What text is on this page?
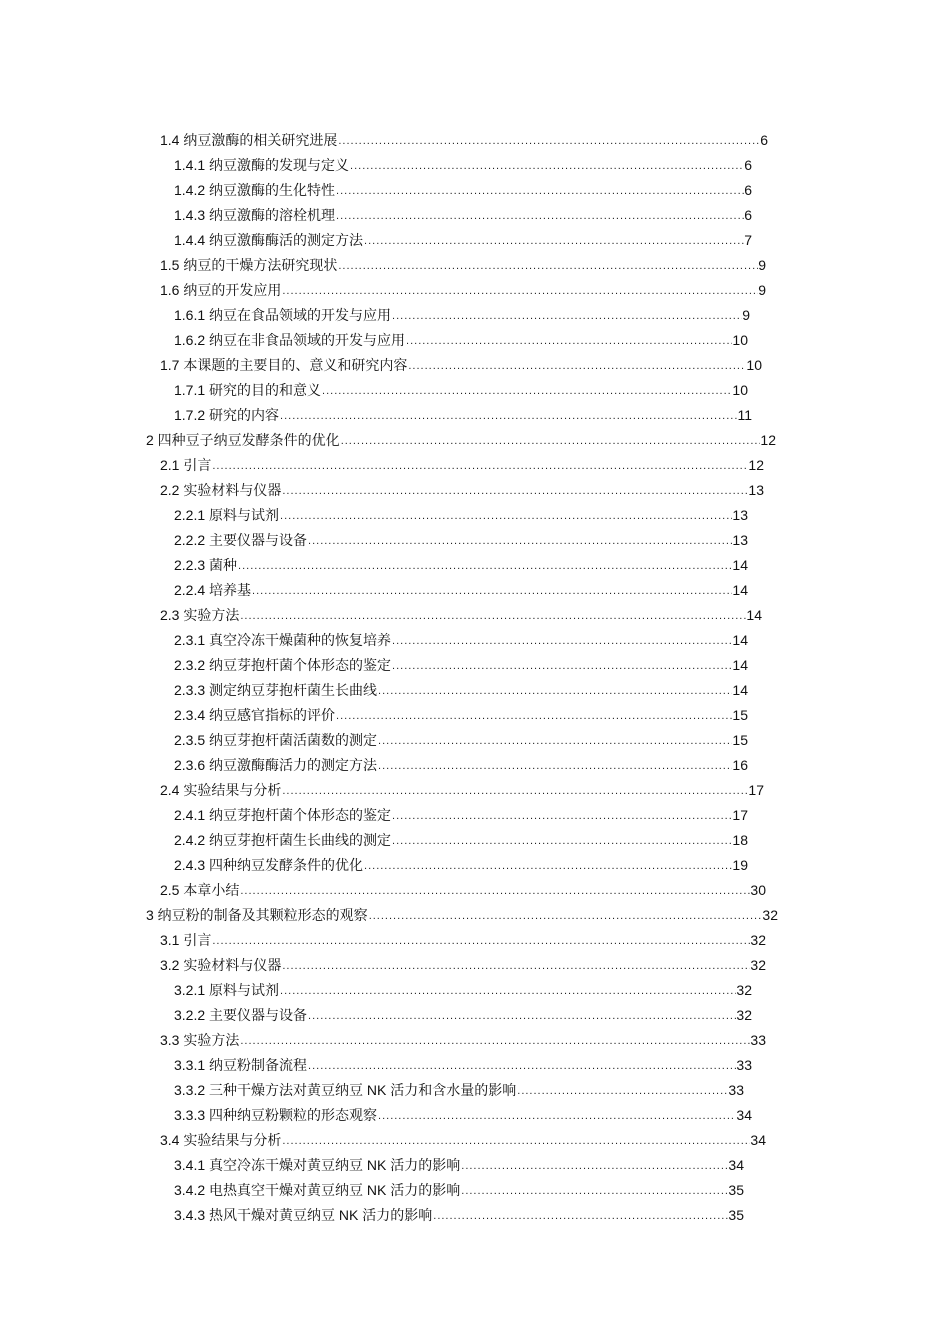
1.4 纳豆激酶的相关研究进展 .....	6
1.4.1 纳豆激酶的发现与定义 .....	6
1.4.2 纳豆激酶的生化特性 .....	6
1.4.3 纳豆激酶的溶栓机理 .....	6
1.4.4 纳豆激酶酶活的测定方法 .....	7
1.5 纳豆的干燥方法研究现状 .....	9
1.6 纳豆的开发应用 .....	9
1.6.1 纳豆在食品领域的开发与应用 .....	9
1.6.2 纳豆在非食品领域的开发与应用 .....	10
1.7 本课题的主要目的、意义和研究内容 .....	10
1.7.1 研究的目的和意义 .....	10
1.7.2 研究的内容 .....	11
2 四种豆子纳豆发酵条件的优化 .....	12
2.1 引言 .....	12
2.2 实验材料与仪器 .....	13
2.2.1 原料与试剂 .....	13
2.2.2 主要仪器与设备 .....	13
2.2.3 菌种 .....	14
2.2.4 培养基 .....	14
2.3 实验方法 .....	14
2.3.1 真空冷冻干燥菌种的恢复培养 .....	14
2.3.2 纳豆芽抱杆菌个体形态的鉴定 .....	14
2.3.3 测定纳豆芽抱杆菌生长曲线 .....	14
2.3.4 纳豆感官指标的评价 .....	15
2.3.5 纳豆芽抱杆菌活菌数的测定 .....	15
2.3.6 纳豆激酶酶活力的测定方法 .....	16
2.4 实验结果与分析 .....	17
2.4.1 纳豆芽抱杆菌个体形态的鉴定 .....	17
2.4.2 纳豆芽抱杆菌生长曲线的测定 .....	18
2.4.3 四种纳豆发酵条件的优化 .....	19
2.5 本章小结 .....	30
3 纳豆粉的制备及其颗粒形态的观察 .....	32
3.1 引言 .....	32
3.2 实验材料与仪器 .....	32
3.2.1 原料与试剂 .....	32
3.2.2 主要仪器与设备 .....	32
3.3 实验方法 .....	33
3.3.1 纳豆粉制备流程 .....	33
3.3.2 三种干燥方法对黄豆纳豆 NK 活力和含水量的影响 .....	33
3.3.3 四种纳豆粉颗粒的形态观察 .....	34
3.4 实验结果与分析 .....	34
3.4.1 真空冷冻干燥对黄豆纳豆 NK 活力的影响 .....	34
3.4.2 电热真空干燥对黄豆纳豆 NK 活力的影响 .....	35
3.4.3 热风干燥对黄豆纳豆 NK 活力的影响 .....	35
